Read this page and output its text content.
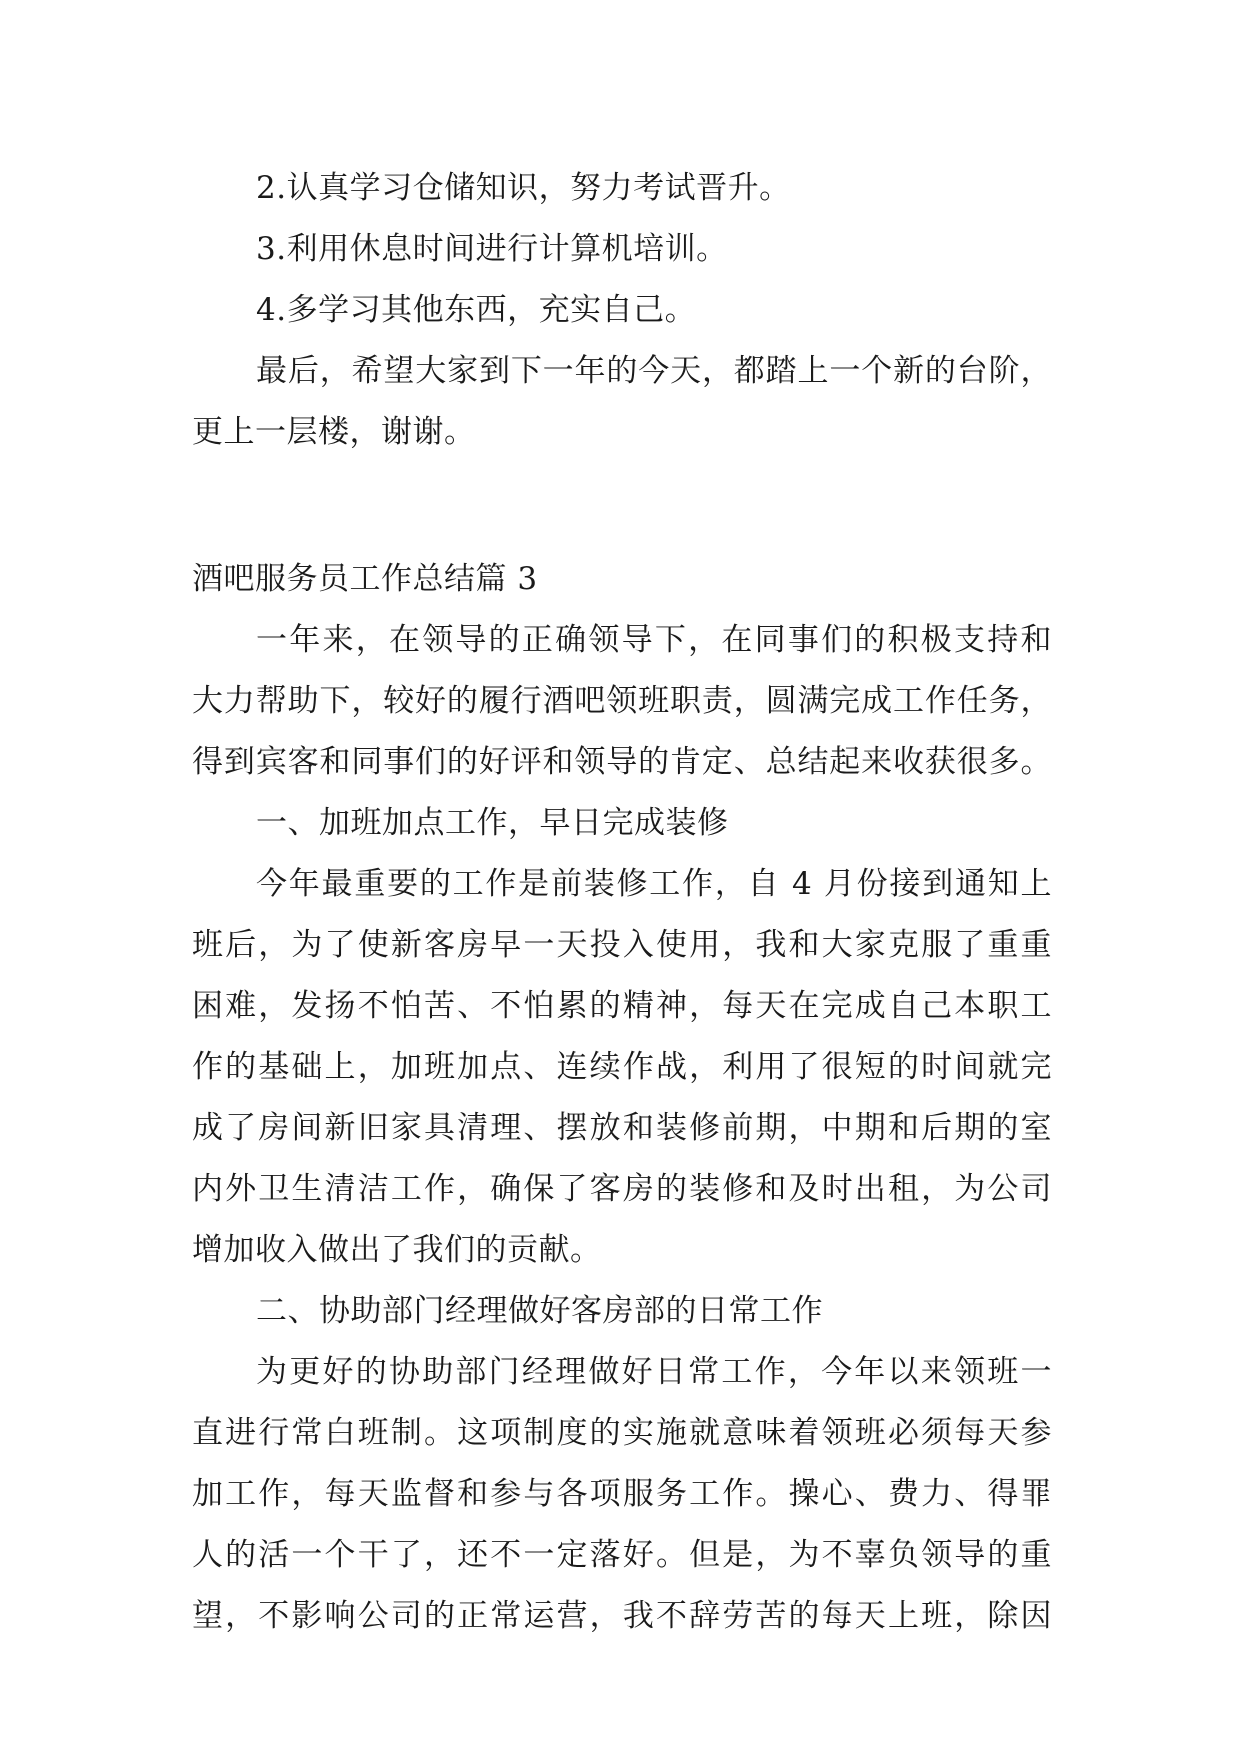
2.认真学习仓储知识，努力考试晋升。
3.利用休息时间进行计算机培训。
4.多学习其他东西，充实自己。
最后，希望大家到下一年的今天，都踏上一个新的台阶，
更上一层楼，谢谢。
酒吧服务员工作总结篇 3
一年来，在领导的正确领导下，在同事们的积极支持和
大力帮助下，较好的履行酒吧领班职责，圆满完成工作任务，
得到宾客和同事们的好评和领导的肯定、总结起来收获很多。
一、加班加点工作，早日完成装修
今年最重要的工作是前装修工作，自 4 月份接到通知上
班后，为了使新客房早一天投入使用，我和大家克服了重重
困难，发扬不怕苦、不怕累的精神，每天在完成自己本职工
作的基础上，加班加点、连续作战，利用了很短的时间就完
成了房间新旧家具清理、摆放和装修前期，中期和后期的室
内外卫生清洁工作，确保了客房的装修和及时出租，为公司
增加收入做出了我们的贡献。
二、协助部门经理做好客房部的日常工作
为更好的协助部门经理做好日常工作，今年以来领班一
直进行常白班制。这项制度的实施就意味着领班必须每天参
加工作，每天监督和参与各项服务工作。操心、费力、得罪
人的活一个干了，还不一定落好。但是，为不辜负领导的重
望，不影响公司的正常运营，我不辞劳苦的每天上班，除因
